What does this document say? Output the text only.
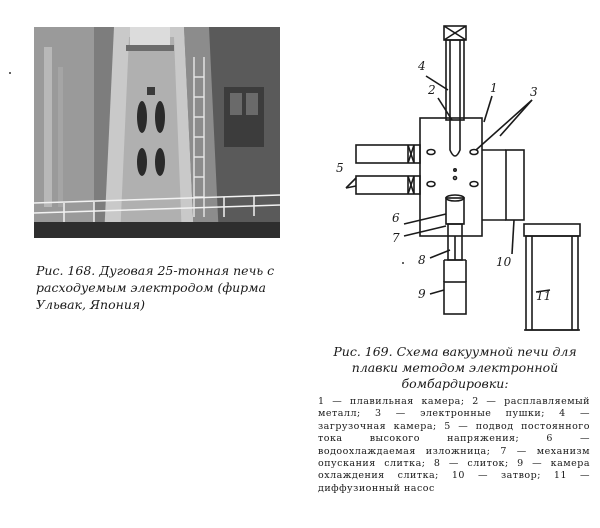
Рис. 168. Дуговая 25-тонная печь с расходуемым электродом (фирма Ульвак, Япония)
4
2	1	3
5
6
7
8
9
10
11
Рис. 169. Схема вакуумной печи для плавки методом электронной бомбардировки:
1 — плавильная камера; 2 — расплавляемый металл; 3 — электронные пушки; 4 — загрузочная камера; 5 — подвод постоянного тока высокого напряжения; 6 — водоохлаждаемая изложница; 7 — механизм опускания слитка; 8 — слиток; 9 — камера охлаждения слитка; 10 — затвор; 11 — диффузионный насос
